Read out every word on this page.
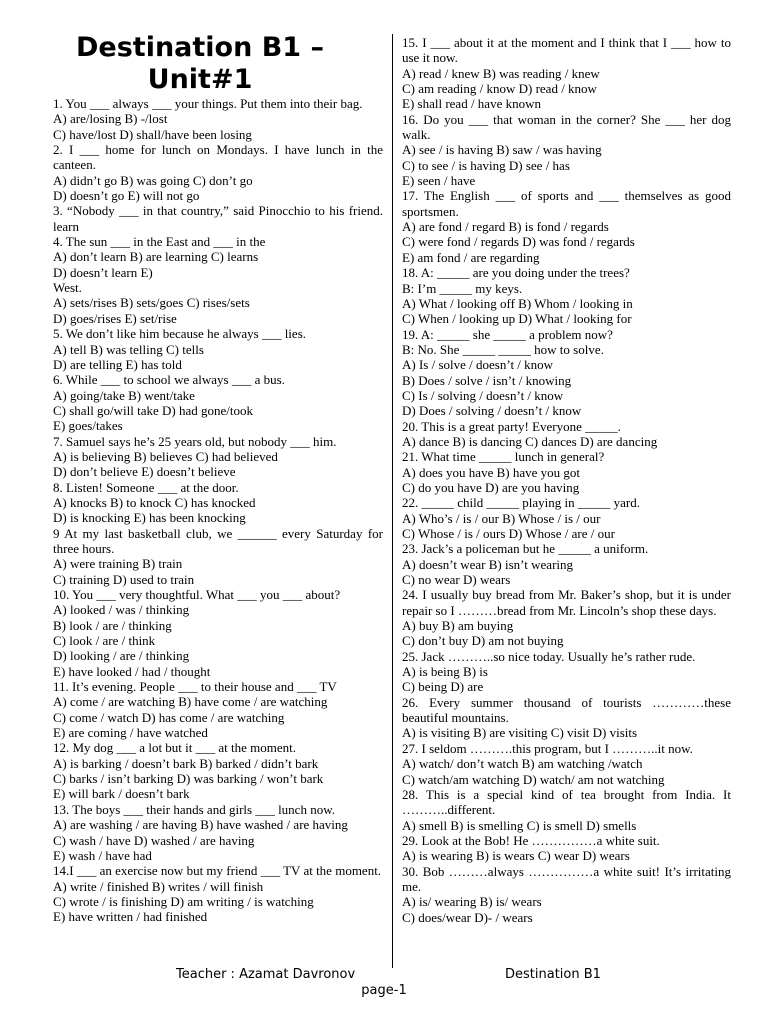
Destination B1 – Unit#1

1. You ___ always ___ your things. Put them into their bag.

A) are/losing B) -/lost

C) have/lost D) shall/have been losing

2. I ___ home for lunch on Mondays. I have lunch in the canteen.

A) didn’t go B) was going C) don’t go

D) doesn’t go E) will not go

3. “Nobody ___ in that country,” said Pinocchio to his friend. learn

4. The sun ___ in the East and ___ in the

A) don’t learn B) are learning C) learns

D) doesn’t learn E)

West.

A) sets/rises B) sets/goes C) rises/sets

D) goes/rises E) set/rise

5. We don’t like him because he always ___ lies.

A) tell B) was telling C) tells

D) are telling E) has told

6. While ___ to school we always ___ a bus.

A) going/take B) went/take

C) shall go/will take D) had gone/took

E) goes/takes

7. Samuel says he’s 25 years old, but nobody ___ him.

A) is believing B) believes C) had believed

D) don’t believe E) doesn’t believe

8. Listen! Someone ___ at the door.

A) knocks B) to knock C) has knocked

D) is knocking E) has been knocking

9 At my last basketball club, we ______ every Saturday for three hours.

A) were training B) train

C) training D) used to train

10. You ___ very thoughtful. What ___ you ___ about?

A) looked / was / thinking

B) look / are / thinking

C) look / are / think

D) looking / are / thinking

E) have looked / had / thought

11. It’s evening. People ___ to their house and ___ TV

A) come / are watching B) have come / are watching

C) come / watch D) has come / are watching

E) are coming / have watched

12. My dog ___ a lot but it ___ at the moment.

A) is barking / doesn’t bark B) barked / didn’t bark

C) barks / isn’t barking D) was barking / won’t bark

E) will bark / doesn’t bark

13. The boys ___ their hands and girls ___ lunch now.

A) are washing / are having B) have washed / are having

C) wash / have D) washed / are having

E) wash / have had

14.I ___ an exercise now but my friend ___ TV at the moment.

A) write / finished B) writes / will finish

C) wrote / is finishing D) am writing / is watching

E) have written / had finished

15. I ___ about it at the moment and I think that I ___ how to use it now.

A) read / knew B) was reading / knew

C) am reading / know D) read / know

E) shall read / have known

16. Do you ___ that woman in the corner? She ___ her dog walk.

A) see / is having B) saw / was having

C) to see / is having D) see / has

E) seen / have

17. The English ___ of sports and ___ themselves as good sportsmen.

A) are fond / regard B) is fond / regards

C) were fond / regards D) was fond / regards

E) am fond / are regarding

18. A: _____ are you doing under the trees?

B: I’m _____ my keys.

A) What / looking off B) Whom / looking in

C) When / looking up D) What / looking for

19. A: _____ she _____ a problem now?

B: No. She _____ _____ how to solve.

A) Is / solve / doesn’t / know

B) Does / solve / isn’t / knowing

C) Is / solving / doesn’t / know

D) Does / solving / doesn’t / know

20. This is a great party! Everyone _____.

A) dance B) is dancing C) dances D) are dancing

21. What time _____ lunch in general?

A) does you have B) have you got

C) do you have D) are you having

22. _____ child _____ playing in _____ yard.

A) Who’s / is / our B) Whose / is / our

C) Whose / is / ours D) Whose / are / our

23. Jack’s a policeman but he _____ a uniform.

A) doesn’t wear B) isn’t wearing

C) no wear D) wears

24. I usually buy bread from Mr. Baker’s shop, but it is under repair so I ………bread from Mr. Lincoln’s shop these days.

A) buy B) am buying

C) don’t buy D) am not buying

25. Jack ………..so nice today. Usually he’s rather rude.

A) is being B) is

C) being D) are

26. Every summer thousand of tourists …………these beautiful mountains.

A) is visiting B) are visiting C) visit D) visits

27. I seldom ……….this program, but I ………..it now.

A) watch/ don’t watch B) am watching /watch

C) watch/am watching D) watch/ am not watching

28. This is a special kind of tea brought from India. It ………..different.

A) smell B) is smelling C) is smell D) smells

29. Look at the Bob! He ……………a white suit.

A) is wearing B) is wears C) wear D) wears

30. Bob ………always ……………a white suit! It’s irritating me.

A) is/ wearing B) is/ wears

C) does/wear D)- / wears

Teacher : Azamat Davronov	Destination B1
page-1
